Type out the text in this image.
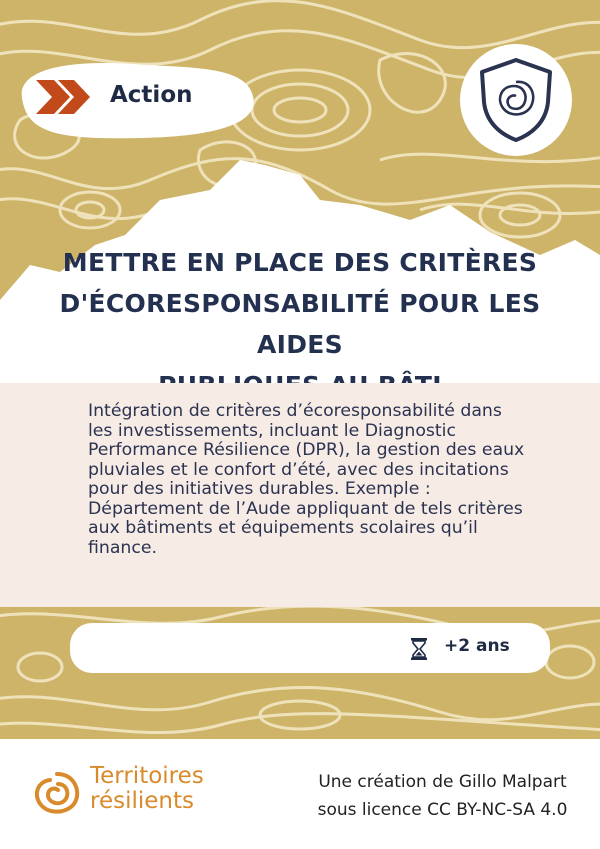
Action
METTRE EN PLACE DES CRITÈRES
D'ÉCORESPONSABILITÉ POUR LES AIDES
Intégration de critères d’écoresponsabilité dans
les investissements, incluant le Diagnostic
Performance Résilience (DPR), la gestion des eaux
pluviales et le confort d’été, avec des incitations
pour des initiatives durables. Exemple :
Département de l’Aude appliquant de tels critères
aux bâtiments et équipements scolaires qu’il
finance.
+2 ans
Territoires
résilients
Une création de Gillo Malpart
sous licence CC BY-NC-SA 4.0
